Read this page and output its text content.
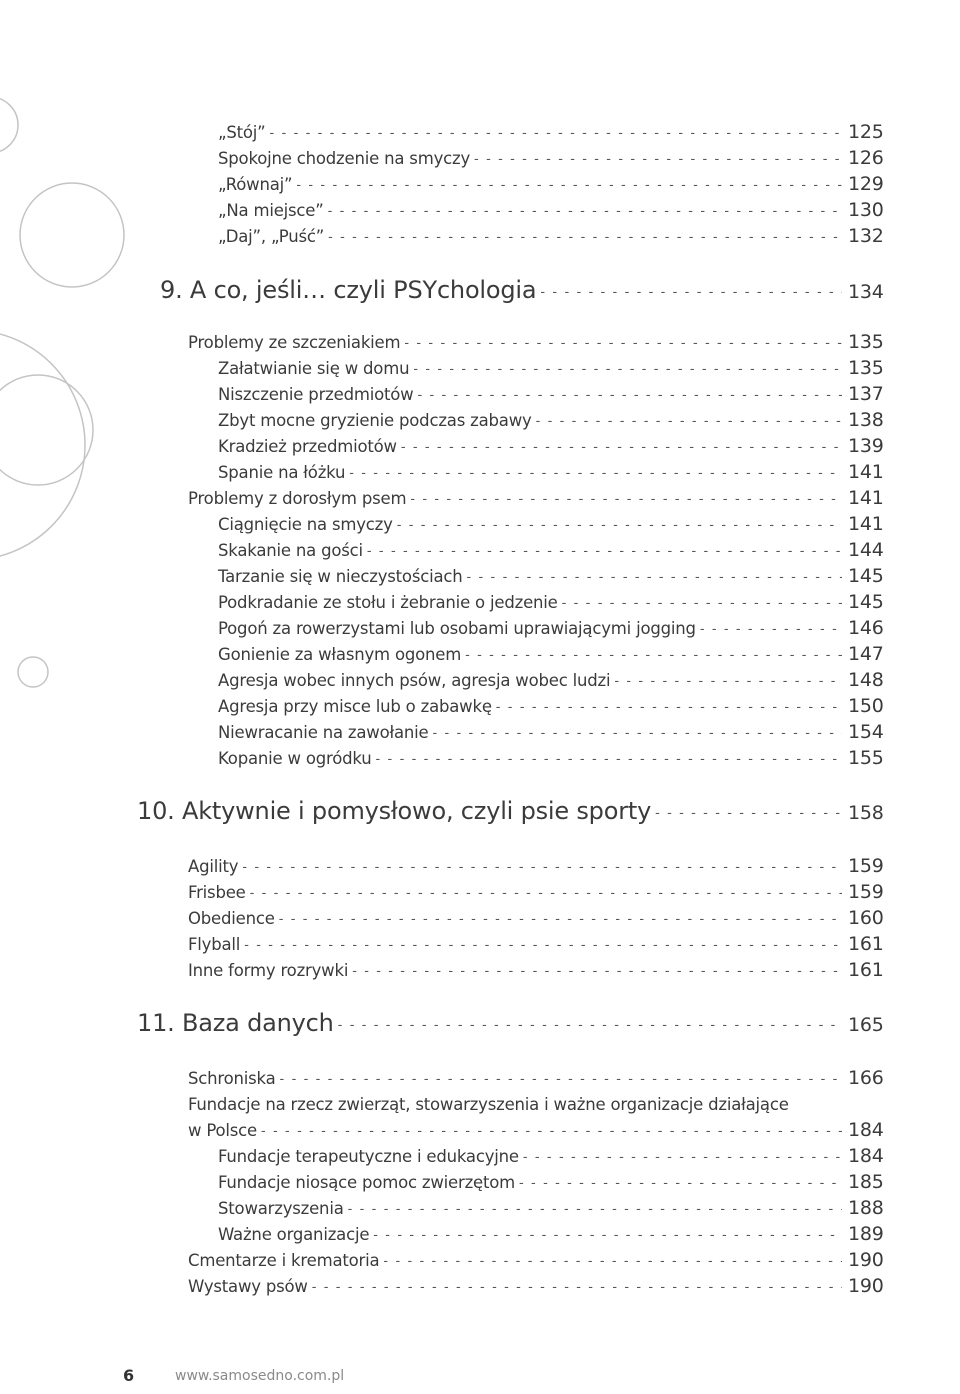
„Stój” - - -	125
Spokojne chodzenie na smyczy - - -	126
„Równaj” - - -	129
„Na miejsce” - - -	130
„Daj”, „Puść” - - -	132
9. A co, jeśli… czyli PSYchologia - - -	134
Problemy ze szczeniakiem - - -	135
Załatwianie się w domu - - -	135
Niszczenie przedmiotów - - -	137
Zbyt mocne gryzienie podczas zabawy - - -	138
Kradzież przedmiotów - - -	139
Spanie na łóżku - - -	141
Problemy z dorosłym psem - - -	141
Ciągnięcie na smyczy - - -	141
Skakanie na gości - - -	144
Tarzanie się w nieczystościach - - -	145
Podkradanie ze stołu i żebranie o jedzenie - - -	145
Pogoń za rowerzystami lub osobami uprawiającymi jogging - - -	146
Gonienie za własnym ogonem - - -	147
Agresja wobec innych psów, agresja wobec ludzi - - -	148
Agresja przy misce lub o zabawkę - - -	150
Niewracanie na zawołanie - - -	154
Kopanie w ogródku - - -	155
10. Aktywnie i pomysłowo, czyli psie sporty - - -	158
Agility - - -	159
Frisbee - - -	159
Obedience - - -	160
Flyball - - -	161
Inne formy rozrywki - - -	161
11. Baza danych - - -	165
Schroniska - - -	166
Fundacje na rzecz zwierząt, stowarzyszenia i ważne organizacje działające
w Polsce - - -	184
Fundacje terapeutyczne i edukacyjne - - -	184
Fundacje niosące pomoc zwierzętom - - -	185
Stowarzyszenia - - -	188
Ważne organizacje - - -	189
Cmentarze i krematoria - - -	190
Wystawy psów - - -	190
6	www.samosedno.com.pl
